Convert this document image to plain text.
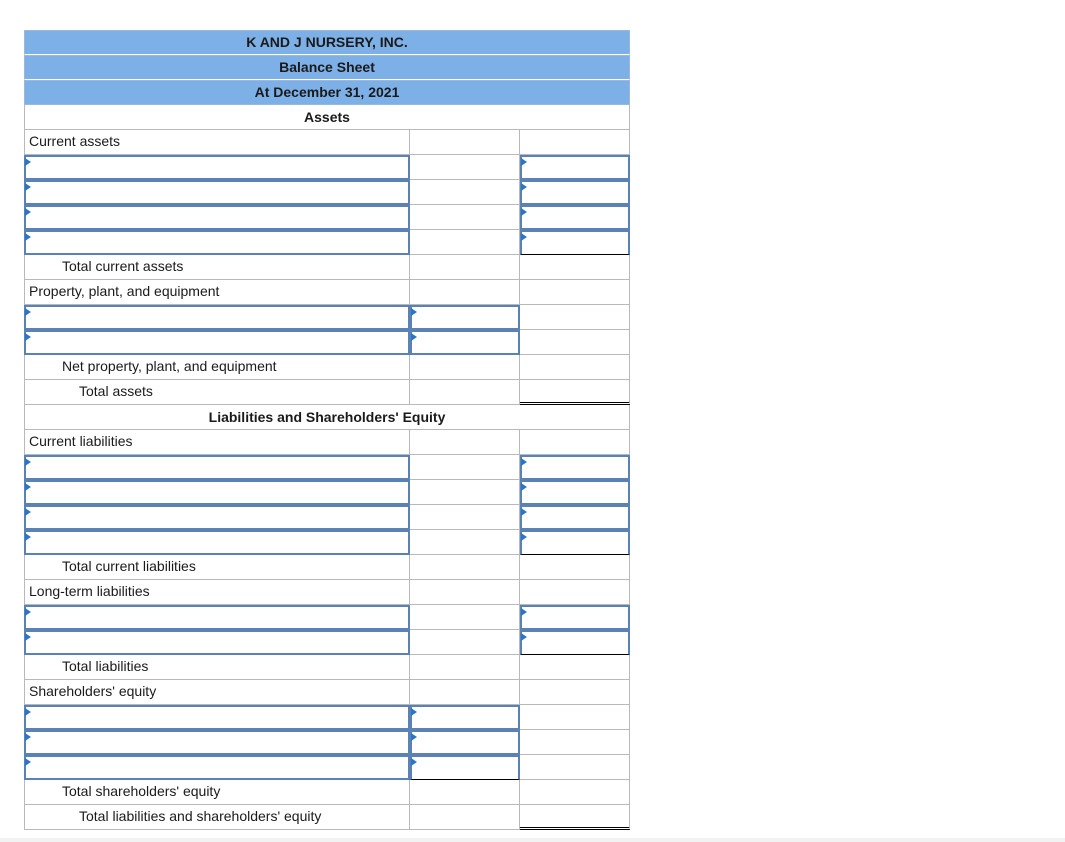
K AND J NURSERY, INC.
Balance Sheet
At December 31, 2021
Assets
Current assets
Total current assets
Property, plant, and equipment
Net property, plant, and equipment
Total assets
Liabilities and Shareholders' Equity
Current liabilities
Total current liabilities
Long-term liabilities
Total liabilities
Shareholders' equity
Total shareholders' equity
Total liabilities and shareholders' equity
